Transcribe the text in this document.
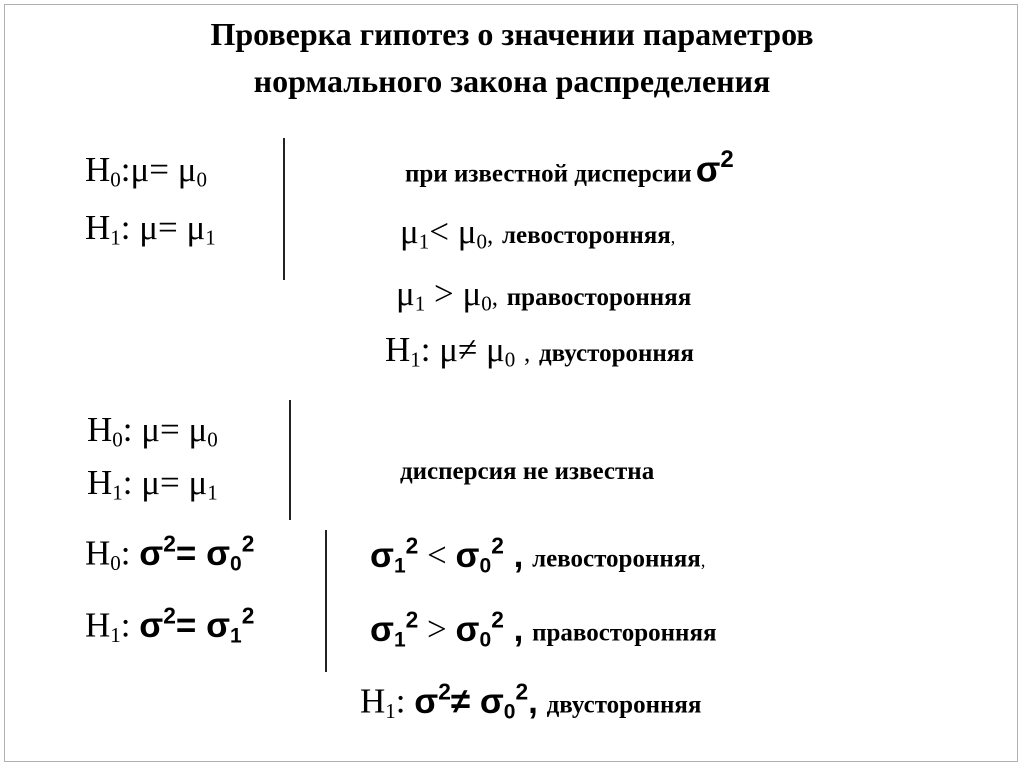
Проверка гипотез о значении параметров
нормального закона распределения
$H_0:\mu= \mu_0$
$H_1$: $\mu= \mu_1$
при известной дисперсии σ2
$\mu_1< \mu_0$, левосторонняя,
$\mu_1 > \mu_0$, правосторонняя
$H_1$: $\mu\ne \mu_0$ , двусторонняя
$H_0$: $\mu= \mu_0$
$H_1$: $\mu= \mu_1$
дисперсия не известна
$H_0$: $\sigma^2= \sigma_0^2$
$H_1$: $\sigma^2= \sigma_1^2$
$\sigma_1^2 < \sigma_0^2$ , левосторонняя,
$\sigma_1^2 > \sigma_0^2$ , правосторонняя
$H_1$: $\sigma^2\ne \sigma_0^2$, двусторонняя
